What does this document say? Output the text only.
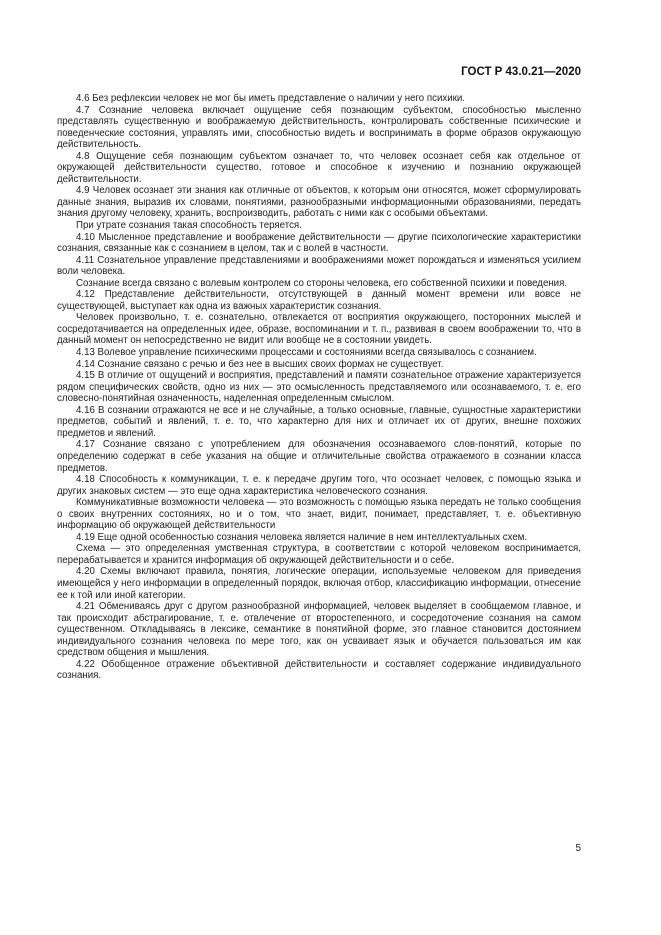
ГОСТ Р 43.0.21—2020

4.6 Без рефлексии человек не мог бы иметь представление о наличии у него психики.

4.7 Сознание человека включает ощущение себя познающим субъектом, способностью мысленно представлять существенную и воображаемую действительность, контролировать собственные психические и поведенческие состояния, управлять ими, способностью видеть и воспринимать в форме образов окружающую действительность.

4.8 Ощущение себя познающим субъектом означает то, что человек осознает себя как отдельное от окружающей действительности существо, готовое и способное к изучению и познанию окружающей действительности.

4.9 Человек осознает эти знания как отличные от объектов, к которым они относятся, может сформулировать данные знания, выразив их словами, понятиями, разнообразными информационными образованиями, передать знания другому человеку, хранить, воспроизводить, работать с ними как с особыми объектами.

При утрате сознания такая способность теряется.

4.10 Мысленное представление и воображение действительности — другие психологические характеристики сознания, связанные как с сознанием в целом, так и с волей в частности.

4.11 Сознательное управление представлениями и воображениями может порождаться и изменяться усилием воли человека.

Сознание всегда связано с волевым контролем со стороны человека, его собственной психики и поведения.

4.12 Представление действительности, отсутствующей в данный момент времени или вовсе не существующей, выступает как одна из важных характеристик сознания.

Человек произвольно, т. е. сознательно, отвлекается от восприятия окружающего, посторонних мыслей и сосредотачивается на определенных идее, образе, воспоминании и т. п., развивая в своем воображении то, что в данный момент он непосредственно не видит или вообще не в состоянии увидеть.

4.13 Волевое управление психическими процессами и состояниями всегда связывалось с сознанием.

4.14 Сознание связано с речью и без нее в высших своих формах не существует.

4.15 В отличие от ощущений и восприятия, представлений и памяти сознательное отражение характеризуется рядом специфических свойств, одно из них — это осмысленность представляемого или осознаваемого, т. е. его словесно-понятийная означенность, наделенная определенным смыслом.

4.16 В сознании отражаются не все и не случайные, а только основные, главные, сущностные характеристики предметов, событий и явлений, т. е. то, что характерно для них и отличает их от других, внешне похожих предметов и явлений.

4.17 Сознание связано с употреблением для обозначения осознаваемого слов-понятий, которые по определению содержат в себе указания на общие и отличительные свойства отражаемого в сознании класса предметов.

4.18 Способность к коммуникации, т. е. к передаче другим того, что осознает человек, с помощью языка и других знаковых систем — это еще одна характеристика человеческого сознания.

Коммуникативные возможности человека — это возможность с помощью языка передать не только сообщения о своих внутренних состояниях, но и о том, что знает, видит, понимает, представляет, т. е. объективную информацию об окружающей действительности

4.19 Еще одной особенностью сознания человека является наличие в нем интеллектуальных схем.

Схема — это определенная умственная структура, в соответствии с которой человеком воспринимается, перерабатывается и хранится информация об окружающей действительности и о себе.

4.20 Схемы включают правила, понятия, логические операции, используемые человеком для приведения имеющейся у него информации в определенный порядок, включая отбор, классификацию информации, отнесение ее к той или иной категории.

4.21 Обмениваясь друг с другом разнообразной информацией, человек выделяет в сообщаемом главное, и так происходит абстрагирование, т. е. отвлечение от второстепенного, и сосредоточение сознания на самом существенном. Откладываясь в лексике, семантике в понятийной форме, это главное становится достоянием индивидуального сознания человека по мере того, как он усваивает язык и обучается пользоваться им как средством общения и мышления.

4.22 Обобщенное отражение объективной действительности и составляет содержание индивидуального сознания.

5
